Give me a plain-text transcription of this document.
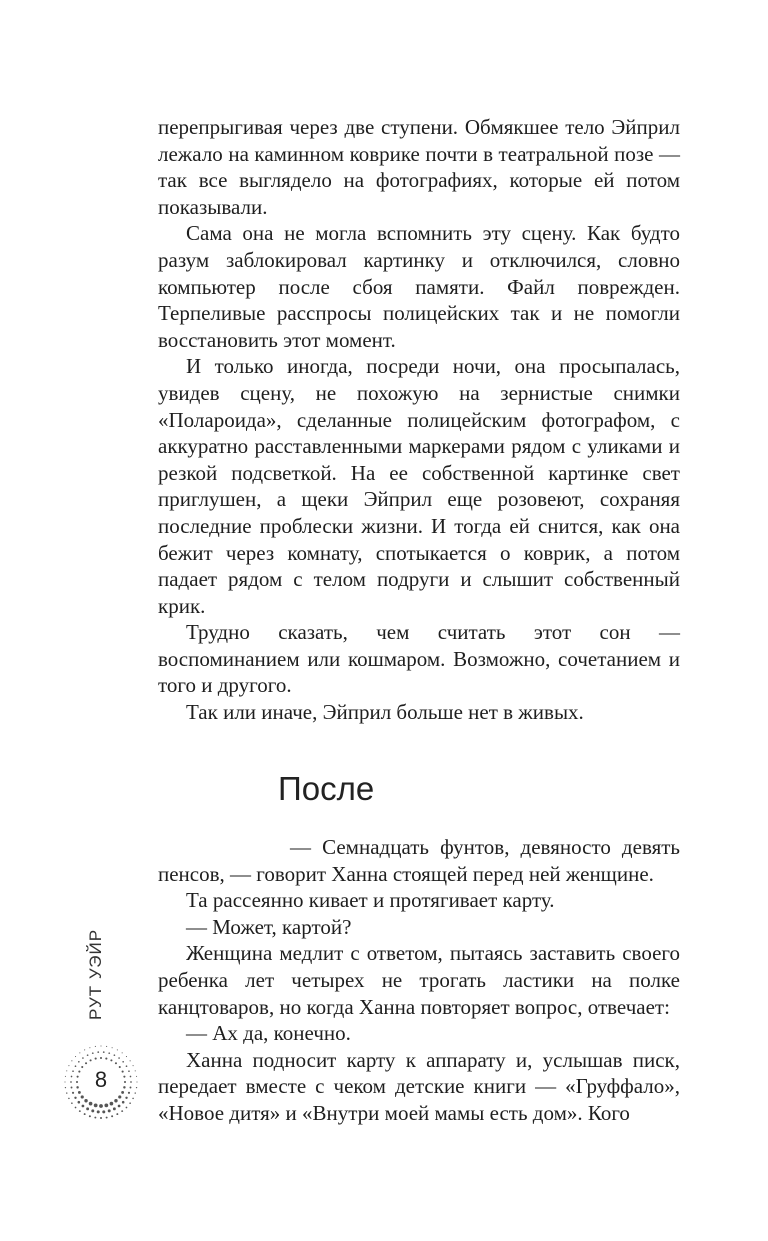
перепрыгивая через две ступени. Обмякшее тело Эйприл лежало на каминном коврике почти в театральной позе — так все выглядело на фотографиях, которые ей потом показывали.

Сама она не могла вспомнить эту сцену. Как будто разум заблокировал картинку и отключился, словно компьютер после сбоя памяти. Файл поврежден. Терпеливые расспросы полицейских так и не помогли восстановить этот момент.

И только иногда, посреди ночи, она просыпалась, увидев сцену, не похожую на зернистые снимки «Полароида», сделанные полицейским фотографом, с аккуратно расставленными маркерами рядом с уликами и резкой подсветкой. На ее собственной картинке свет приглушен, а щеки Эйприл еще розовеют, сохраняя последние проблески жизни. И тогда ей снится, как она бежит через комнату, спотыкается о коврик, а потом падает рядом с телом подруги и слышит собственный крик.

Трудно сказать, чем считать этот сон — воспоминанием или кошмаром. Возможно, сочетанием и того и другого.

Так или иначе, Эйприл больше нет в живых.

После

— Семнадцать фунтов, девяносто девять пенсов, — говорит Ханна стоящей перед ней женщине.

Та рассеянно кивает и протягивает карту.

— Может, картой?

Женщина медлит с ответом, пытаясь заставить своего ребенка лет четырех не трогать ластики на полке канцтоваров, но когда Ханна повторяет вопрос, отвечает:

— Ах да, конечно.

Ханна подносит карту к аппарату и, услышав писк, передает вместе с чеком детские книги — «Груффало», «Новое дитя» и «Внутри моей мамы есть дом». Кого

РУТ УЭЙР
8
